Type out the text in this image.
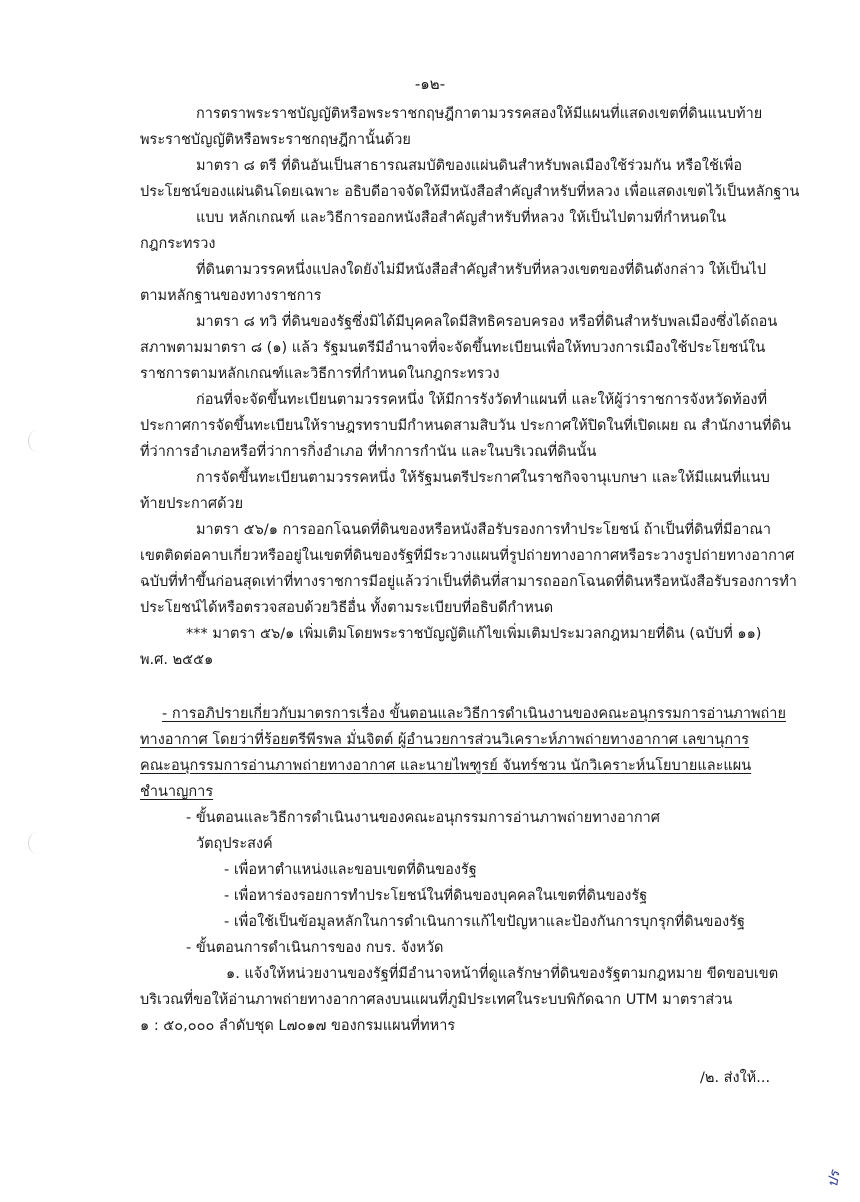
-๑๒-

การตราพระราชบัญญัติหรือพระราชกฤษฎีกาตามวรรคสองให้มีแผนที่แสดงเขตที่ดินแนบท้าย

พระราชบัญญัติหรือพระราชกฤษฎีกานั้นด้วย

มาตรา ๘ ตรี ที่ดินอันเป็นสาธารณสมบัติของแผ่นดินสำหรับพลเมืองใช้ร่วมกัน หรือใช้เพื่อ

ประโยชน์ของแผ่นดินโดยเฉพาะ อธิบดีอาจจัดให้มีหนังสือสำคัญสำหรับที่หลวง เพื่อแสดงเขตไว้เป็นหลักฐาน

แบบ หลักเกณฑ์ และวิธีการออกหนังสือสำคัญสำหรับที่หลวง ให้เป็นไปตามที่กำหนดใน

กฎกระทรวง

ที่ดินตามวรรคหนึ่งแปลงใดยังไม่มีหนังสือสำคัญสำหรับที่หลวงเขตของที่ดินดังกล่าว ให้เป็นไป

ตามหลักฐานของทางราชการ

มาตรา ๘ ทวิ ที่ดินของรัฐซึ่งมิได้มีบุคคลใดมีสิทธิครอบครอง หรือที่ดินสำหรับพลเมืองซึ่งได้ถอน

สภาพตามมาตรา ๘ (๑) แล้ว รัฐมนตรีมีอำนาจที่จะจัดขึ้นทะเบียนเพื่อให้ทบวงการเมืองใช้ประโยชน์ใน

ราชการตามหลักเกณฑ์และวิธีการที่กำหนดในกฎกระทรวง

ก่อนที่จะจัดขึ้นทะเบียนตามวรรคหนึ่ง ให้มีการรังวัดทำแผนที่ และให้ผู้ว่าราชการจังหวัดท้องที่

ประกาศการจัดขึ้นทะเบียนให้ราษฎรทราบมีกำหนดสามสิบวัน ประกาศให้ปิดในที่เปิดเผย ณ สำนักงานที่ดิน

ที่ว่าการอำเภอหรือที่ว่าการกิ่งอำเภอ ที่ทำการกำนัน และในบริเวณที่ดินนั้น

การจัดขึ้นทะเบียนตามวรรคหนึ่ง ให้รัฐมนตรีประกาศในราชกิจจานุเบกษา และให้มีแผนที่แนบ

ท้ายประกาศด้วย

มาตรา ๕๖/๑ การออกโฉนดที่ดินของหรือหนังสือรับรองการทำประโยชน์ ถ้าเป็นที่ดินที่มีอาณา

เขตติดต่อคาบเกี่ยวหรืออยู่ในเขตที่ดินของรัฐที่มีระวางแผนที่รูปถ่ายทางอากาศหรือระวางรูปถ่ายทางอากาศ

ฉบับที่ทำขึ้นก่อนสุดเท่าที่ทางราชการมีอยู่แล้วว่าเป็นที่ดินที่สามารถออกโฉนดที่ดินหรือหนังสือรับรองการทำ

ประโยชน์ได้หรือตรวจสอบด้วยวิธีอื่น ทั้งตามระเบียบที่อธิบดีกำหนด

*** มาตรา ๕๖/๑ เพิ่มเติมโดยพระราชบัญญัติแก้ไขเพิ่มเติมประมวลกฎหมายที่ดิน (ฉบับที่ ๑๑)

พ.ศ. ๒๕๕๑

- การอภิปรายเกี่ยวกับมาตรการเรื่อง ขั้นตอนและวิธีการดำเนินงานของคณะอนุกรรมการอ่านภาพถ่าย

ทางอากาศ โดยว่าที่ร้อยตรีพีรพล มั่นจิตต์ ผู้อำนวยการส่วนวิเคราะห์ภาพถ่ายทางอากาศ เลขานุการ

คณะอนุกรรมการอ่านภาพถ่ายทางอากาศ และนายไพฑูรย์ จันทร์ชวน นักวิเคราะห์นโยบายและแผน

ชำนาญการ

- ขั้นตอนและวิธีการดำเนินงานของคณะอนุกรรมการอ่านภาพถ่ายทางอากาศ

วัตถุประสงค์

- เพื่อหาตำแหน่งและขอบเขตที่ดินของรัฐ

- เพื่อหาร่องรอยการทำประโยชน์ในที่ดินของบุคคลในเขตที่ดินของรัฐ

- เพื่อใช้เป็นข้อมูลหลักในการดำเนินการแก้ไขปัญหาและป้องกันการบุกรุกที่ดินของรัฐ

- ขั้นตอนการดำเนินการของ กบร. จังหวัด

๑. แจ้งให้หน่วยงานของรัฐที่มีอำนาจหน้าที่ดูแลรักษาที่ดินของรัฐตามกฎหมาย ขีดขอบเขต

บริเวณที่ขอให้อ่านภาพถ่ายทางอากาศลงบนแผนที่ภูมิประเทศในระบบพิกัดฉาก UTM มาตราส่วน

๑ : ๕๐,๐๐๐ ลำดับชุด L๗๐๑๗ ของกรมแผนที่ทหาร

/๒. ส่งให้...

ปร
